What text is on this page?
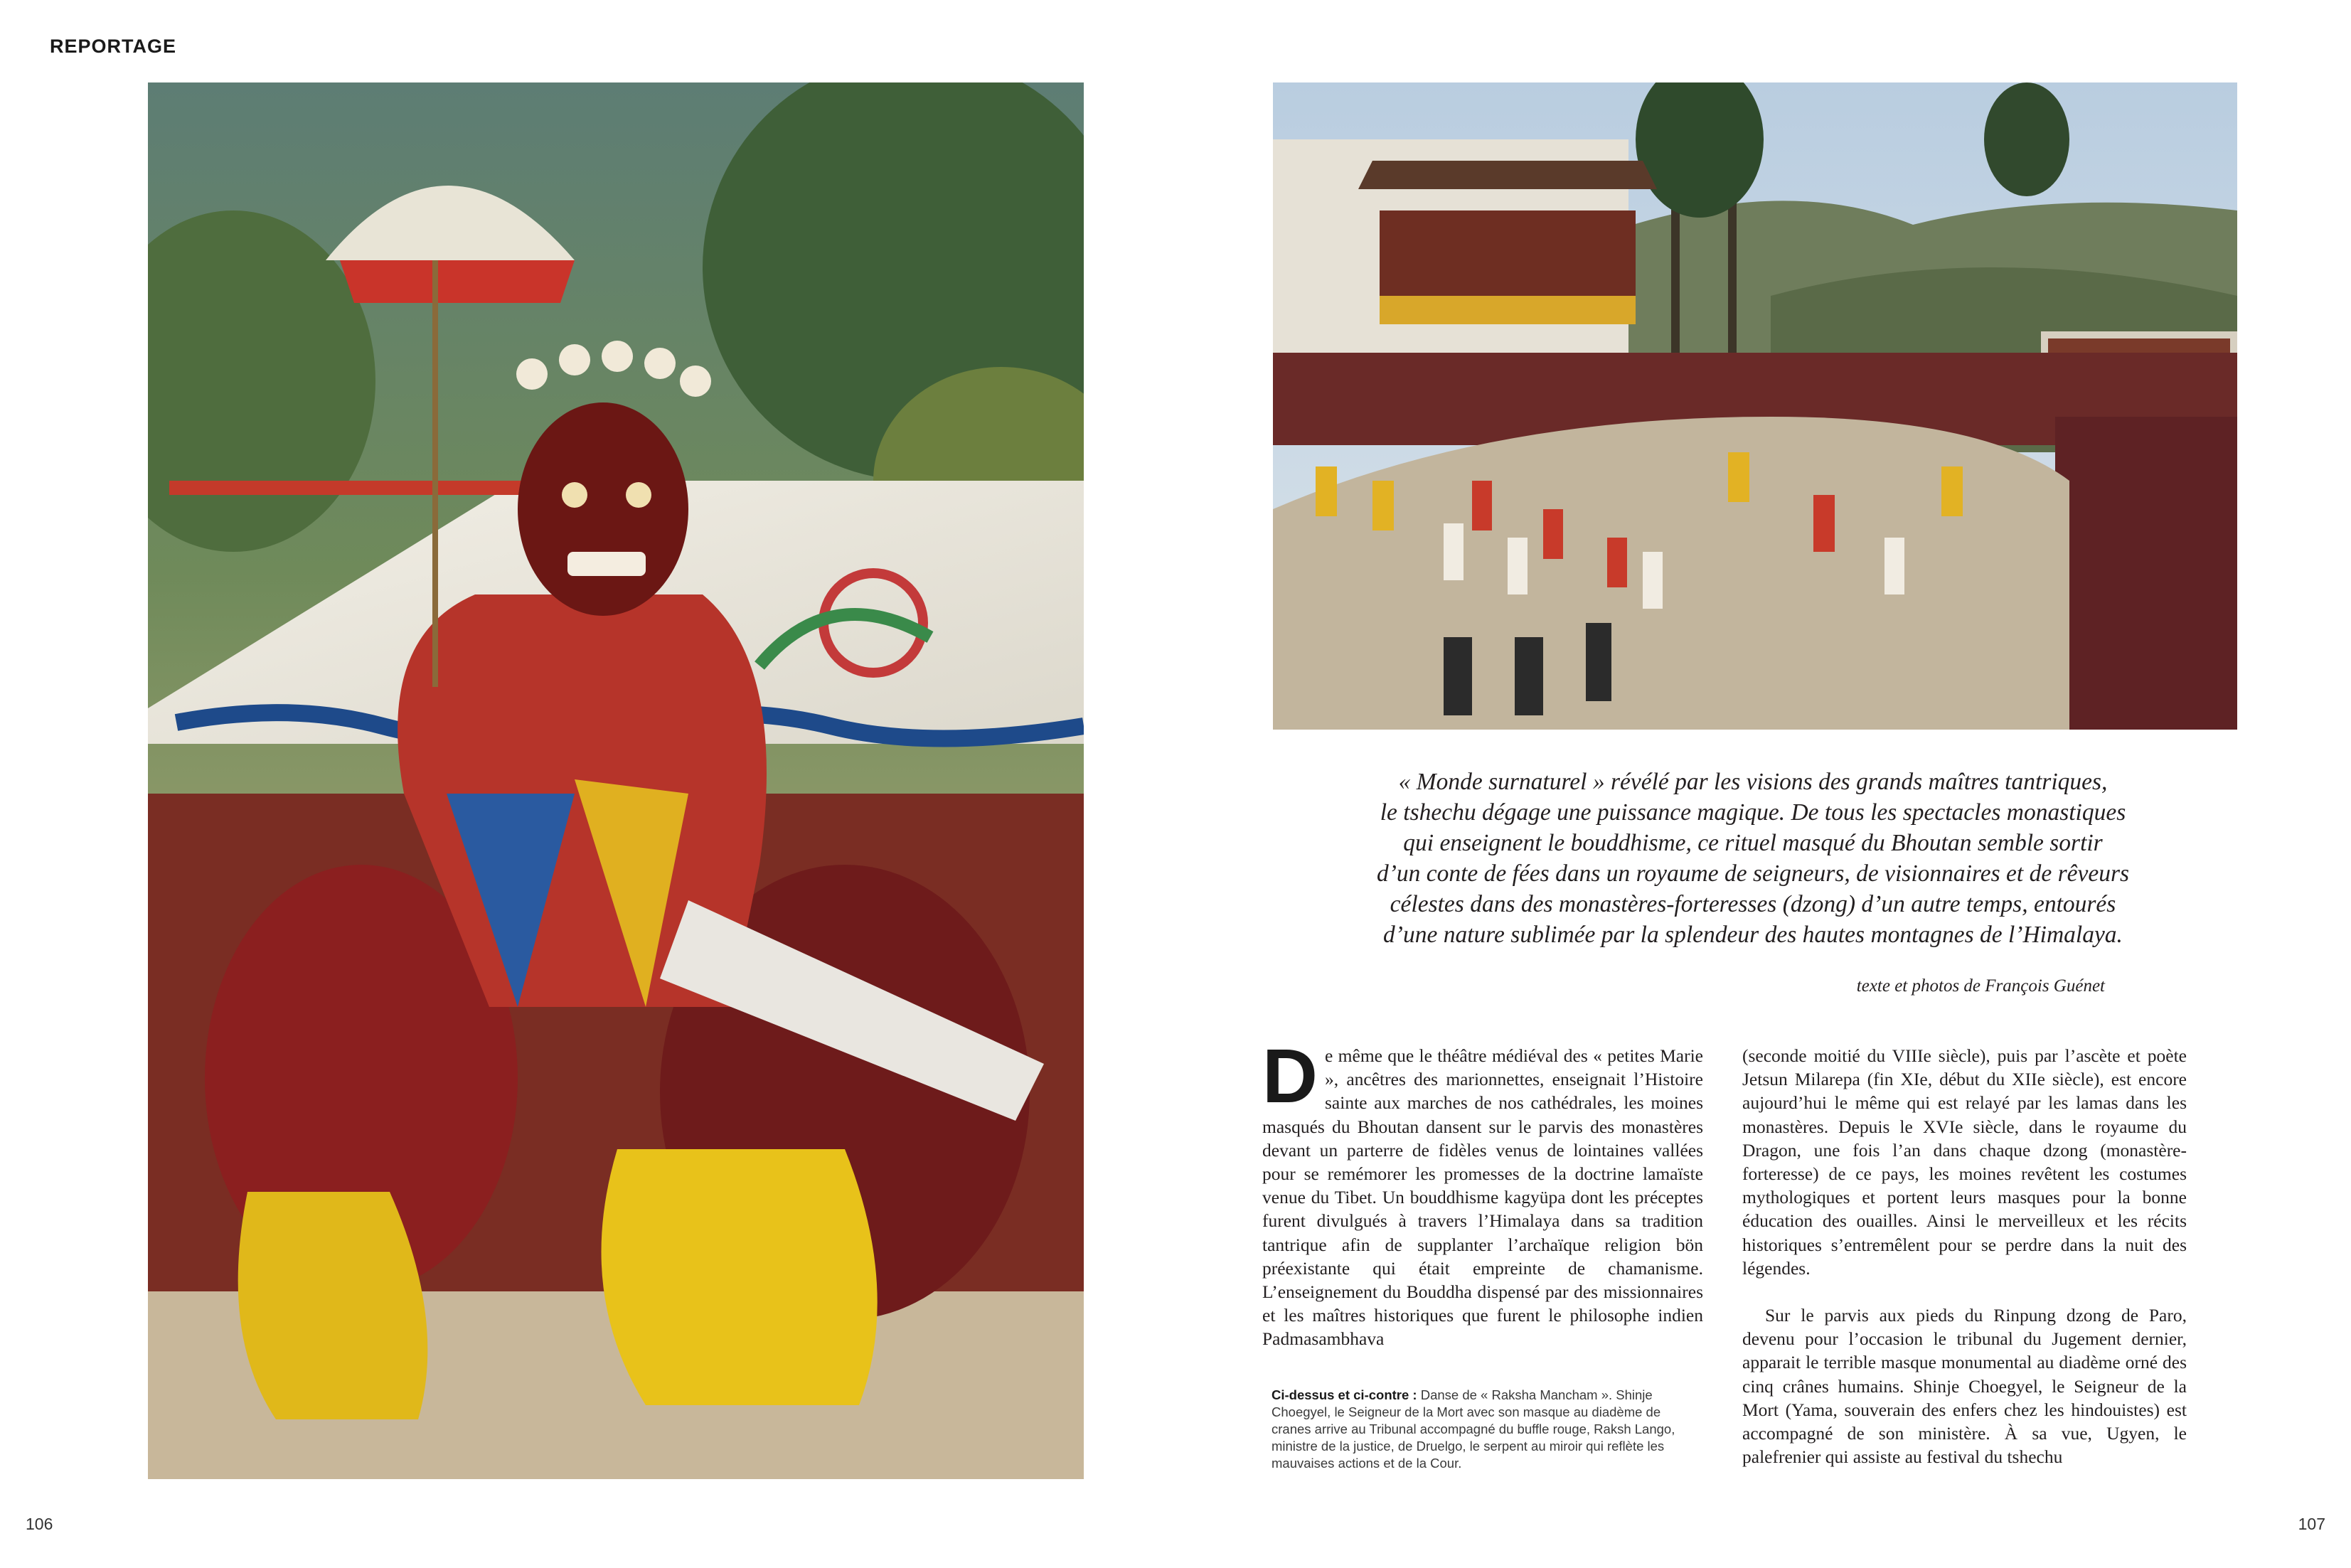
REPORTAGE
« Monde surnaturel » révélé par les visions des grands maîtres tantriques,
le tshechu dégage une puissance magique. De tous les spectacles monastiques
qui enseignent le bouddhisme, ce rituel masqué du Bhoutan semble sortir
d’un conte de fées dans un royaume de seigneurs, de visionnaires et de rêveurs
célestes dans des monastères-forteresses (dzong) d’un autre temps, entourés
d’une nature sublimée par la splendeur des hautes montagnes de l’Himalaya.
texte et photos de François Guénet

D e même que le théâtre médiéval des « petites Marie », ancêtres des marionnettes, enseignait l’Histoire sainte aux marches de nos cathédrales, les moines masqués du Bhoutan dansent sur le parvis des monastères devant un parterre de fidèles venus de lointaines vallées pour se remémorer les promesses de la doctrine lamaïste venue du Tibet. Un bouddhisme kagyüpa dont les préceptes furent divulgués à travers l’Himalaya dans sa tradition tantrique afin de supplanter l’archaïque religion bön préexistante qui était empreinte de chamanisme. L’enseignement du Bouddha dispensé par des missionnaires et les maîtres historiques que furent le philosophe indien Padmasambhava

(seconde moitié du VIIIe siècle), puis par l’ascète et poète Jetsun Milarepa (fin XIe, début du XIIe siècle), est encore aujourd’hui le même qui est relayé par les lamas dans les monastères. Depuis le XVIe siècle, dans le royaume du Dragon, une fois l’an dans chaque dzong (monastère-forteresse) de ce pays, les moines revêtent les costumes mythologiques et portent leurs masques pour la bonne éducation des ouailles. Ainsi le merveilleux et les récits historiques s’entremêlent pour se perdre dans la nuit des légendes.

Sur le parvis aux pieds du Rinpung dzong de Paro, devenu pour l’occasion le tribunal du Jugement dernier, apparait le terrible masque monumental au diadème orné des cinq crânes humains. Shinje Choegyel, le Seigneur de la Mort (Yama, souverain des enfers chez les hindouistes) est accompagné de son ministère. À sa vue, Ugyen, le palefrenier qui assiste au festival du tshechu

Ci-dessus et ci-contre : Danse de « Raksha Mancham ». Shinje Choegyel, le Seigneur de la Mort avec son masque au diadème de cranes arrive au Tribunal accompagné du buffle rouge, Raksh Lango, ministre de la justice, de Druelgo, le serpent au miroir qui reflète les mauvaises actions et de la Cour.
106	107
